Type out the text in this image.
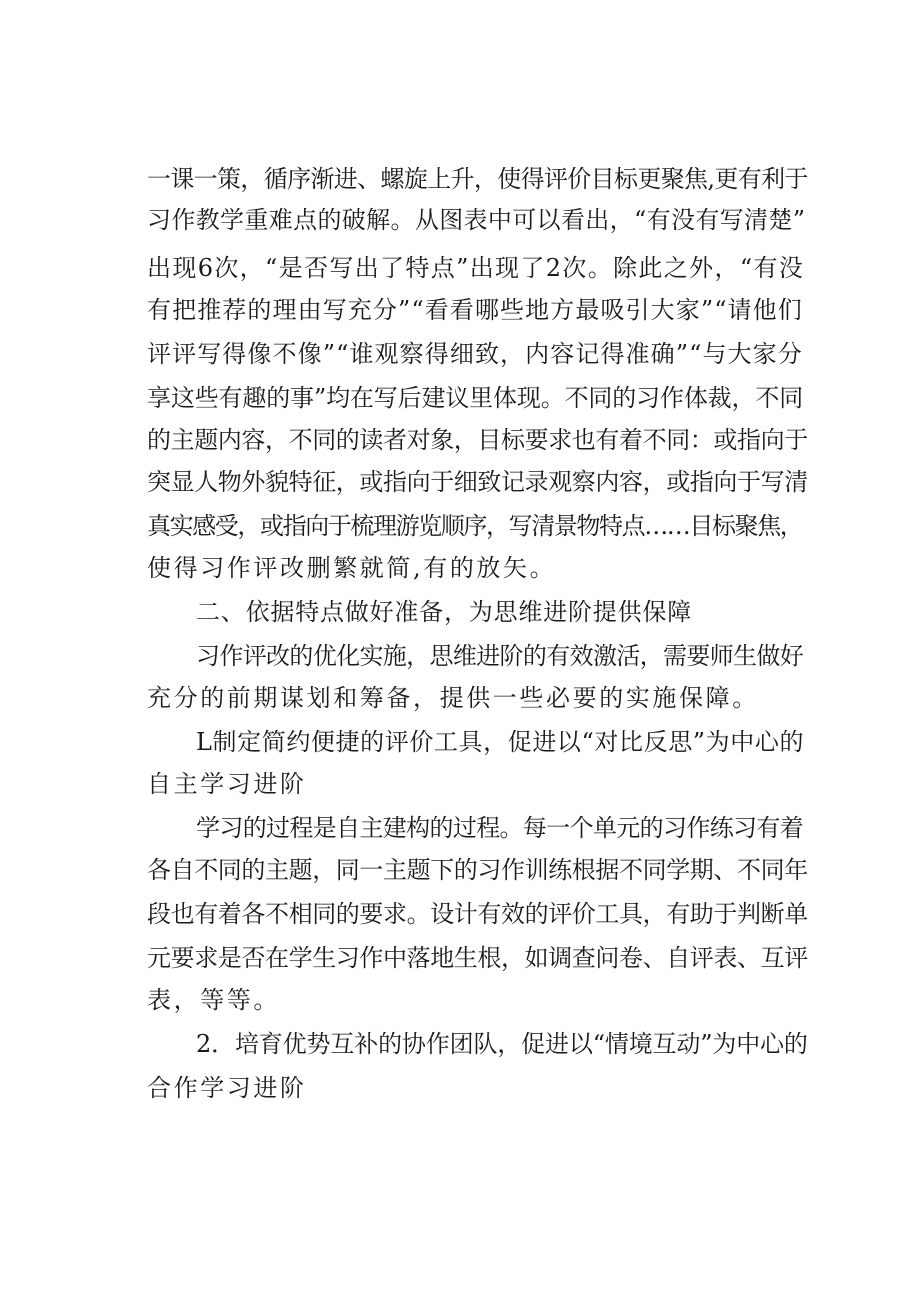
一课一策，循序渐进、螺旋上升，使得评价目标更聚焦,更有利于
习作教学重难点的破解。从图表中可以看出，“有没有写清楚”
出现6次，“是否写出了特点”出现了2次。除此之外，“有没
有把推荐的理由写充分”“看看哪些地方最吸引大家”“请他们
评评写得像不像”“谁观察得细致，内容记得准确”“与大家分
享这些有趣的事”均在写后建议里体现。不同的习作体裁，不同
的主题内容，不同的读者对象，目标要求也有着不同：或指向于
突显人物外貌特征，或指向于细致记录观察内容，或指向于写清
真实感受，或指向于梳理游览顺序，写清景物特点……目标聚焦，
使得习作评改删繁就简,有的放矢。
二、依据特点做好准备，为思维进阶提供保障
习作评改的优化实施，思维进阶的有效激活，需要师生做好
充分的前期谋划和筹备，提供一些必要的实施保障。
L制定简约便捷的评价工具，促进以“对比反思”为中心的
自主学习进阶
学习的过程是自主建构的过程。每一个单元的习作练习有着
各自不同的主题，同一主题下的习作训练根据不同学期、不同年
段也有着各不相同的要求。设计有效的评价工具，有助于判断单
元要求是否在学生习作中落地生根，如调查问卷、自评表、互评
表，等等。
2．培育优势互补的协作团队，促进以“情境互动”为中心的
合作学习进阶
